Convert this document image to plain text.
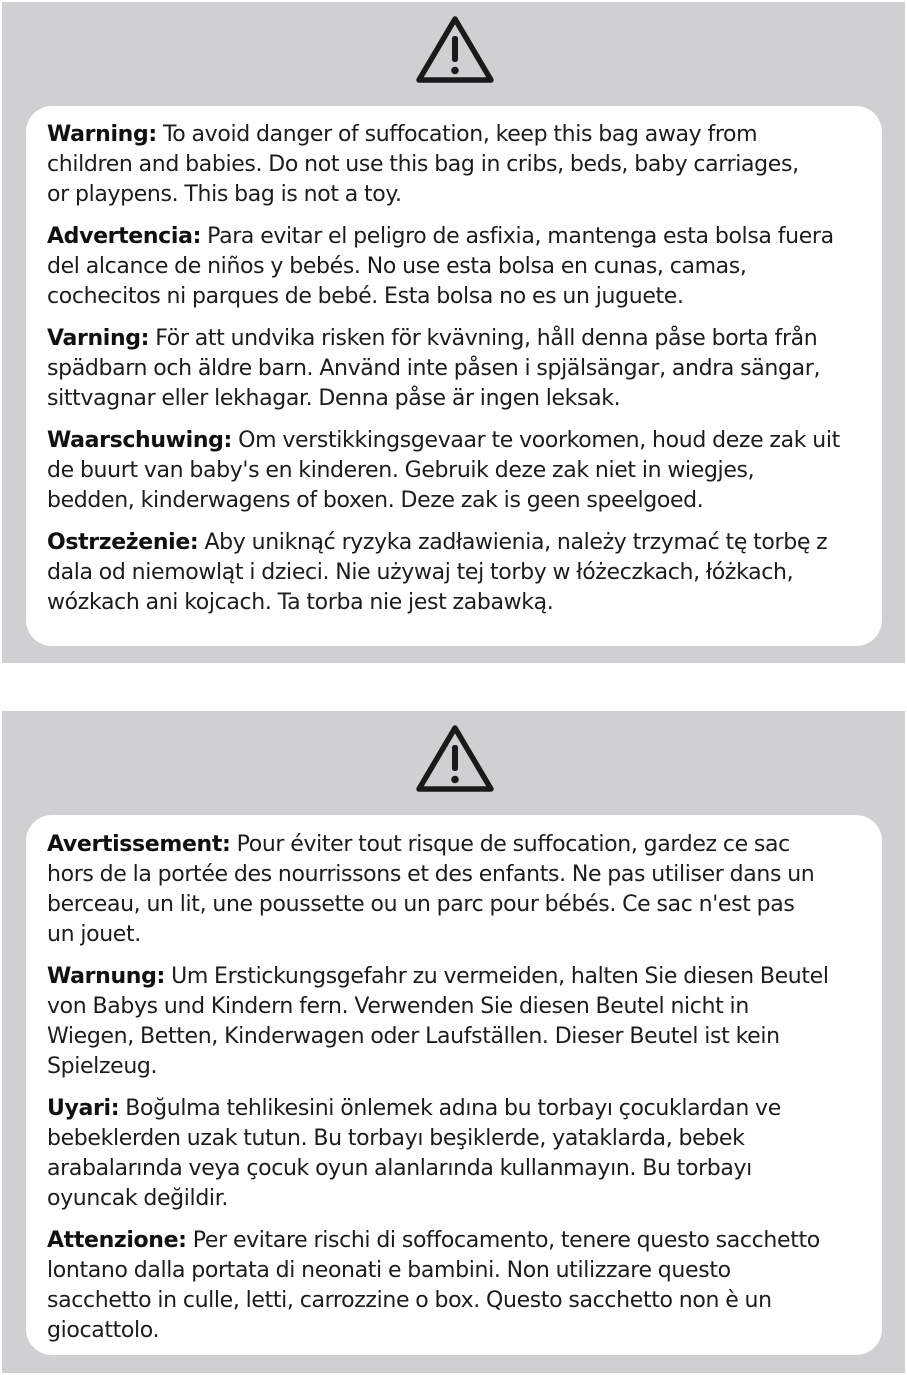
Warning: To avoid danger of suffocation, keep this bag away from
children and babies. Do not use this bag in cribs, beds, baby carriages,
or playpens. This bag is not a toy.

Advertencia: Para evitar el peligro de asfixia, mantenga esta bolsa fuera
del alcance de niños y bebés. No use esta bolsa en cunas, camas,
cochecitos ni parques de bebé. Esta bolsa no es un juguete.

Varning: För att undvika risken för kvävning, håll denna påse borta från
spädbarn och äldre barn. Använd inte påsen i spjälsängar, andra sängar,
sittvagnar eller lekhagar. Denna påse är ingen leksak.

Waarschuwing: Om verstikkingsgevaar te voorkomen, houd deze zak uit
de buurt van baby's en kinderen. Gebruik deze zak niet in wiegjes,
bedden, kinderwagens of boxen. Deze zak is geen speelgoed.

Ostrzeżenie: Aby uniknąć ryzyka zadławienia, należy trzymać tę torbę z
dala od niemowląt i dzieci. Nie używaj tej torby w łóżeczkach, łóżkach,
wózkach ani kojcach. Ta torba nie jest zabawką.

Avertissement: Pour éviter tout risque de suffocation, gardez ce sac
hors de la portée des nourrissons et des enfants. Ne pas utiliser dans un
berceau, un lit, une poussette ou un parc pour bébés. Ce sac n'est pas
un jouet.

Warnung: Um Erstickungsgefahr zu vermeiden, halten Sie diesen Beutel
von Babys und Kindern fern. Verwenden Sie diesen Beutel nicht in
Wiegen, Betten, Kinderwagen oder Laufställen. Dieser Beutel ist kein
Spielzeug.

Uyari: Boğulma tehlikesini önlemek adına bu torbayı çocuklardan ve
bebeklerden uzak tutun. Bu torbayı beşiklerde, yataklarda, bebek
arabalarında veya çocuk oyun alanlarında kullanmayın. Bu torbayı
oyuncak değildir.

Attenzione: Per evitare rischi di soffocamento, tenere questo sacchetto
lontano dalla portata di neonati e bambini. Non utilizzare questo
sacchetto in culle, letti, carrozzine o box. Questo sacchetto non è un
giocattolo.
